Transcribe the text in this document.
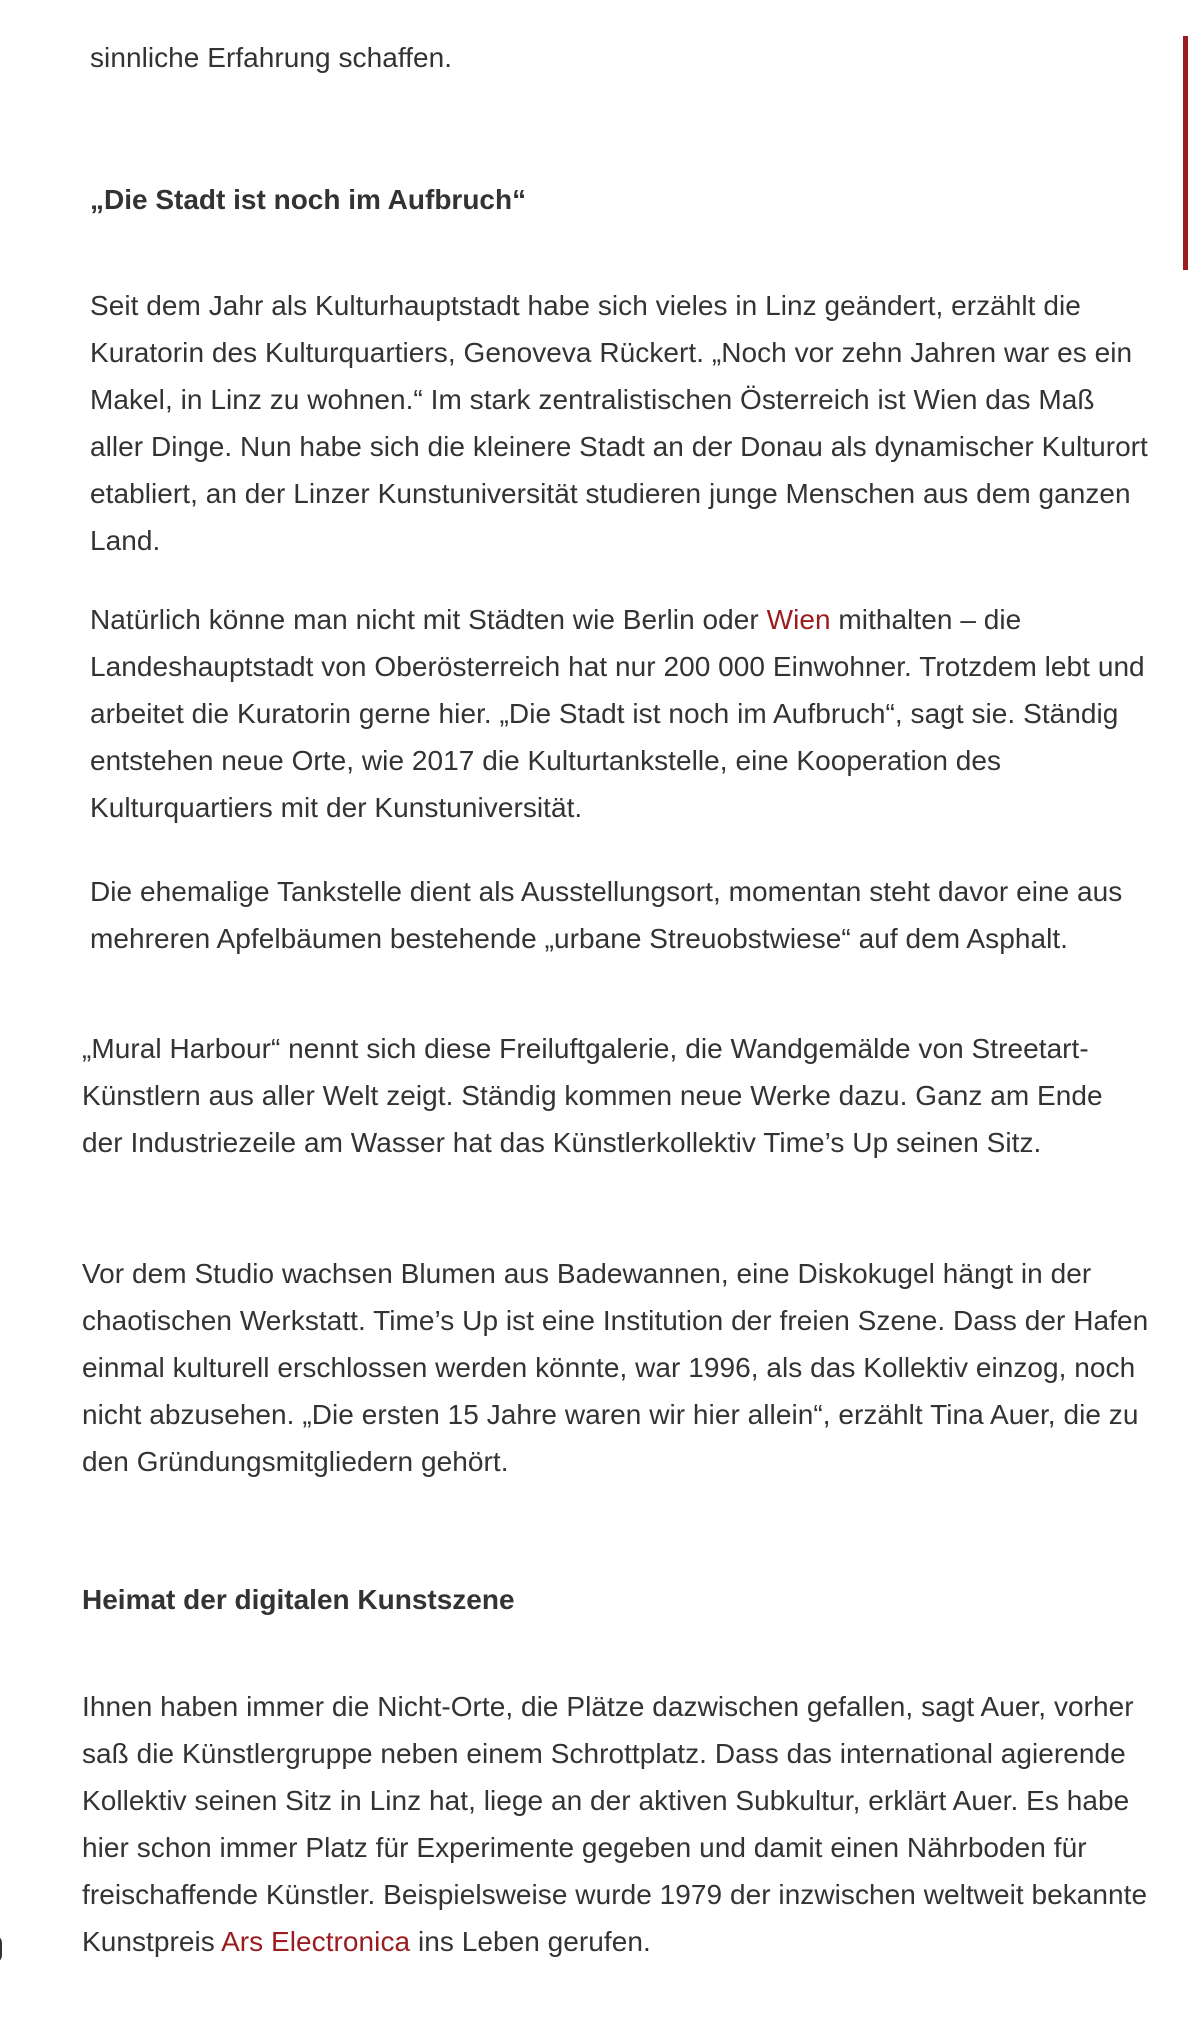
sinnliche Erfahrung schaffen.

„Die Stadt ist noch im Aufbruch“

Seit dem Jahr als Kulturhauptstadt habe sich vieles in Linz geändert, erzählt die Kuratorin des Kulturquartiers, Genoveva Rückert. „Noch vor zehn Jahren war es ein Makel, in Linz zu wohnen.“ Im stark zentralistischen Österreich ist Wien das Maß aller Dinge. Nun habe sich die kleinere Stadt an der Donau als dynamischer Kulturort etabliert, an der Linzer Kunstuniversität studieren junge Menschen aus dem ganzen Land.

Natürlich könne man nicht mit Städten wie Berlin oder Wien mithalten – die Landeshauptstadt von Oberösterreich hat nur 200 000 Einwohner. Trotzdem lebt und arbeitet die Kuratorin gerne hier. „Die Stadt ist noch im Aufbruch“, sagt sie. Ständig entstehen neue Orte, wie 2017 die Kulturtankstelle, eine Kooperation des Kulturquartiers mit der Kunstuniversität.

Die ehemalige Tankstelle dient als Ausstellungsort, momentan steht davor eine aus mehreren Apfelbäumen bestehende „urbane Streuobstwiese“ auf dem Asphalt.

„Mural Harbour“ nennt sich diese Freiluftgalerie, die Wandgemälde von Streetart-Künstlern aus aller Welt zeigt. Ständig kommen neue Werke dazu. Ganz am Ende der Industriezeile am Wasser hat das Künstlerkollektiv Time’s Up seinen Sitz.

Vor dem Studio wachsen Blumen aus Badewannen, eine Diskokugel hängt in der chaotischen Werkstatt. Time’s Up ist eine Institution der freien Szene. Dass der Hafen einmal kulturell erschlossen werden könnte, war 1996, als das Kollektiv einzog, noch nicht abzusehen. „Die ersten 15 Jahre waren wir hier allein“, erzählt Tina Auer, die zu den Gründungsmitgliedern gehört.

Heimat der digitalen Kunstszene

Ihnen haben immer die Nicht-Orte, die Plätze dazwischen gefallen, sagt Auer, vorher saß die Künstlergruppe neben einem Schrottplatz. Dass das international agierende Kollektiv seinen Sitz in Linz hat, liege an der aktiven Subkultur, erklärt Auer. Es habe hier schon immer Platz für Experimente gegeben und damit einen Nährboden für freischaffende Künstler. Beispielsweise wurde 1979 der inzwischen weltweit bekannte Kunstpreis Ars Electronica ins Leben gerufen.
